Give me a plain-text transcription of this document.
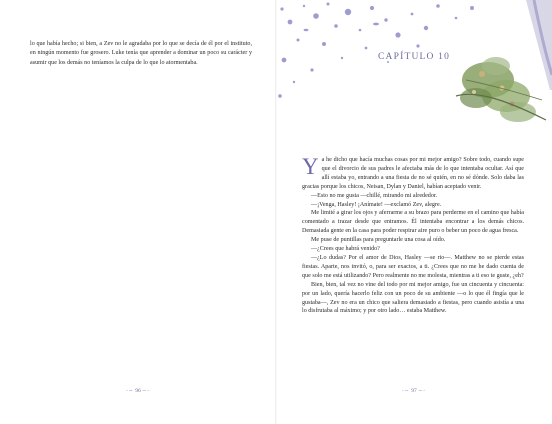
lo que había hecho; si bien, a Zev no le agradaba por lo que se decía de él por el instituto, en ningún momento fue grosero. Luke tenía que aprender a dominar un poco su carácter y asumir que los demás no teníamos la culpa de lo que lo atormentaba.

◦∽ 96 ∽◦
CAPÍTULO 10

Ya he dicho que hacía muchas cosas por mi mejor amigo? Sobre todo, cuando supe que el divorcio de sus padres le afectaba más de lo que intentaba ocultar. Así que allí estaba yo, entrando a una fiesta de no sé quién, en no sé dónde. Solo daba las gracias porque los chicos, Neisan, Dylan y Daniel, habían aceptado venir.

—Esto no me gusta —chillé, mirando mi alrededor.

—¡Venga, Hasley! ¡Anímate! —exclamó Zev, alegre.

Me limité a girar los ojos y aferrarme a su brazo para perderme en el camino que había comentado a trazar desde que entramos. Él intentaba encontrar a los demás chicos. Demasiada gente en la casa para poder respirar aire puro o beber un poco de agua fresca.

Me puse de puntillas para preguntarle una cosa al oído.

—¿Crees que habrá venido?

—¿Lo dudas? Por el amor de Dios, Hasley —se rio—. Matthew no se pierde estas fiestas. Aparte, nos invitó, o, para ser exactos, a ti. ¿Crees que no me he dado cuenta de que solo me está utilizando? Pero realmente no me molesta, mientras a ti eso te guste, ¿eh?

Bien, bien, tal vez no vine del todo por mi mejor amigo, fue un cincuenta y cincuenta: por un lado, quería hacerlo feliz con un poco de su ambiente —o lo que él fingía que le gustaba—, Zev no era un chico que saliera demasiado a fiestas, pero cuando asistía a una lo disfrutaba al máximo; y por otro lado… estaba Matthew.

◦∽ 97 ∽◦
